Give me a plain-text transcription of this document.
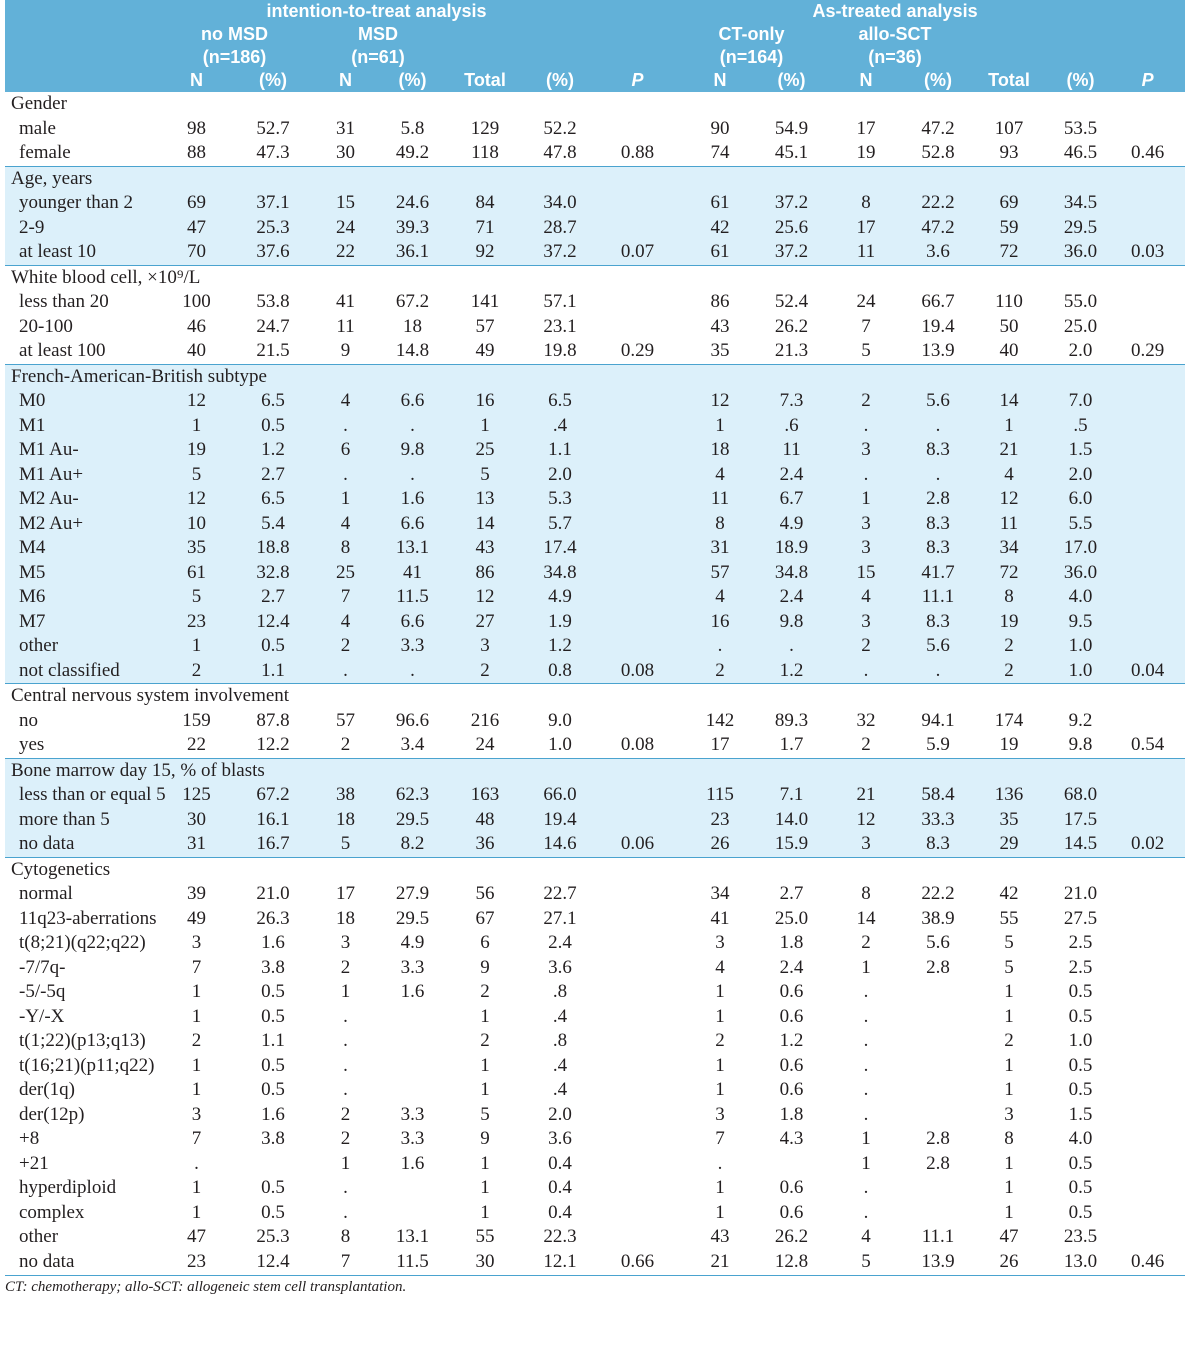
	intention-to-treat analysis							As-treated analysis						
	no MSD
(n=186)		MSD
(n=61)					CT-only
(n=164)		allo-SCT
(n=36)				
	N	(%)	N	(%)	Total	(%)	P	N	(%)	N	(%)	Total	(%)	P
Gender														
male	98	52.7	31	5.8	129	52.2		90	54.9	17	47.2	107	53.5	
female	88	47.3	30	49.2	118	47.8	0.88	74	45.1	19	52.8	93	46.5	0.46
Age, years														
younger than 2	69	37.1	15	24.6	84	34.0		61	37.2	8	22.2	69	34.5	
2-9	47	25.3	24	39.3	71	28.7		42	25.6	17	47.2	59	29.5	
at least 10	70	37.6	22	36.1	92	37.2	0.07	61	37.2	11	3.6	72	36.0	0.03
White blood cell, ×10⁹/L														
less than 20	100	53.8	41	67.2	141	57.1		86	52.4	24	66.7	110	55.0	
20-100	46	24.7	11	18	57	23.1		43	26.2	7	19.4	50	25.0	
at least 100	40	21.5	9	14.8	49	19.8	0.29	35	21.3	5	13.9	40	2.0	0.29
French-American-British subtype														
M0	12	6.5	4	6.6	16	6.5		12	7.3	2	5.6	14	7.0	
M1	1	0.5	.	.	1	.4		1	.6	.	.	1	.5	
M1 Au-	19	1.2	6	9.8	25	1.1		18	11	3	8.3	21	1.5	
M1 Au+	5	2.7	.	.	5	2.0		4	2.4	.	.	4	2.0	
M2 Au-	12	6.5	1	1.6	13	5.3		11	6.7	1	2.8	12	6.0	
M2 Au+	10	5.4	4	6.6	14	5.7		8	4.9	3	8.3	11	5.5	
M4	35	18.8	8	13.1	43	17.4		31	18.9	3	8.3	34	17.0	
M5	61	32.8	25	41	86	34.8		57	34.8	15	41.7	72	36.0	
M6	5	2.7	7	11.5	12	4.9		4	2.4	4	11.1	8	4.0	
M7	23	12.4	4	6.6	27	1.9		16	9.8	3	8.3	19	9.5	
other	1	0.5	2	3.3	3	1.2		.	.	2	5.6	2	1.0	
not classified	2	1.1	.	.	2	0.8	0.08	2	1.2	.	.	2	1.0	0.04
Central nervous system involvement														
no	159	87.8	57	96.6	216	9.0		142	89.3	32	94.1	174	9.2	
yes	22	12.2	2	3.4	24	1.0	0.08	17	1.7	2	5.9	19	9.8	0.54
Bone marrow day 15, % of blasts														
less than or equal 5	125	67.2	38	62.3	163	66.0		115	7.1	21	58.4	136	68.0	
more than 5	30	16.1	18	29.5	48	19.4		23	14.0	12	33.3	35	17.5	
no data	31	16.7	5	8.2	36	14.6	0.06	26	15.9	3	8.3	29	14.5	0.02
Cytogenetics														
normal	39	21.0	17	27.9	56	22.7		34	2.7	8	22.2	42	21.0	
11q23-aberrations	49	26.3	18	29.5	67	27.1		41	25.0	14	38.9	55	27.5	
t(8;21)(q22;q22)	3	1.6	3	4.9	6	2.4		3	1.8	2	5.6	5	2.5	
-7/7q-	7	3.8	2	3.3	9	3.6		4	2.4	1	2.8	5	2.5	
-5/-5q	1	0.5	1	1.6	2	.8		1	0.6	.		1	0.5	
-Y/-X	1	0.5	.		1	.4		1	0.6	.		1	0.5	
t(1;22)(p13;q13)	2	1.1	.		2	.8		2	1.2	.		2	1.0	
t(16;21)(p11;q22)	1	0.5	.		1	.4		1	0.6	.		1	0.5	
der(1q)	1	0.5	.		1	.4		1	0.6	.		1	0.5	
der(12p)	3	1.6	2	3.3	5	2.0		3	1.8	.		3	1.5	
+8	7	3.8	2	3.3	9	3.6		7	4.3	1	2.8	8	4.0	
+21	.		1	1.6	1	0.4		.		1	2.8	1	0.5	
hyperdiploid	1	0.5	.		1	0.4		1	0.6	.		1	0.5	
complex	1	0.5	.		1	0.4		1	0.6	.		1	0.5	
other	47	25.3	8	13.1	55	22.3		43	26.2	4	11.1	47	23.5	
no data	23	12.4	7	11.5	30	12.1	0.66	21	12.8	5	13.9	26	13.0	0.46
CT: chemotherapy; allo-SCT: allogeneic stem cell transplantation.
